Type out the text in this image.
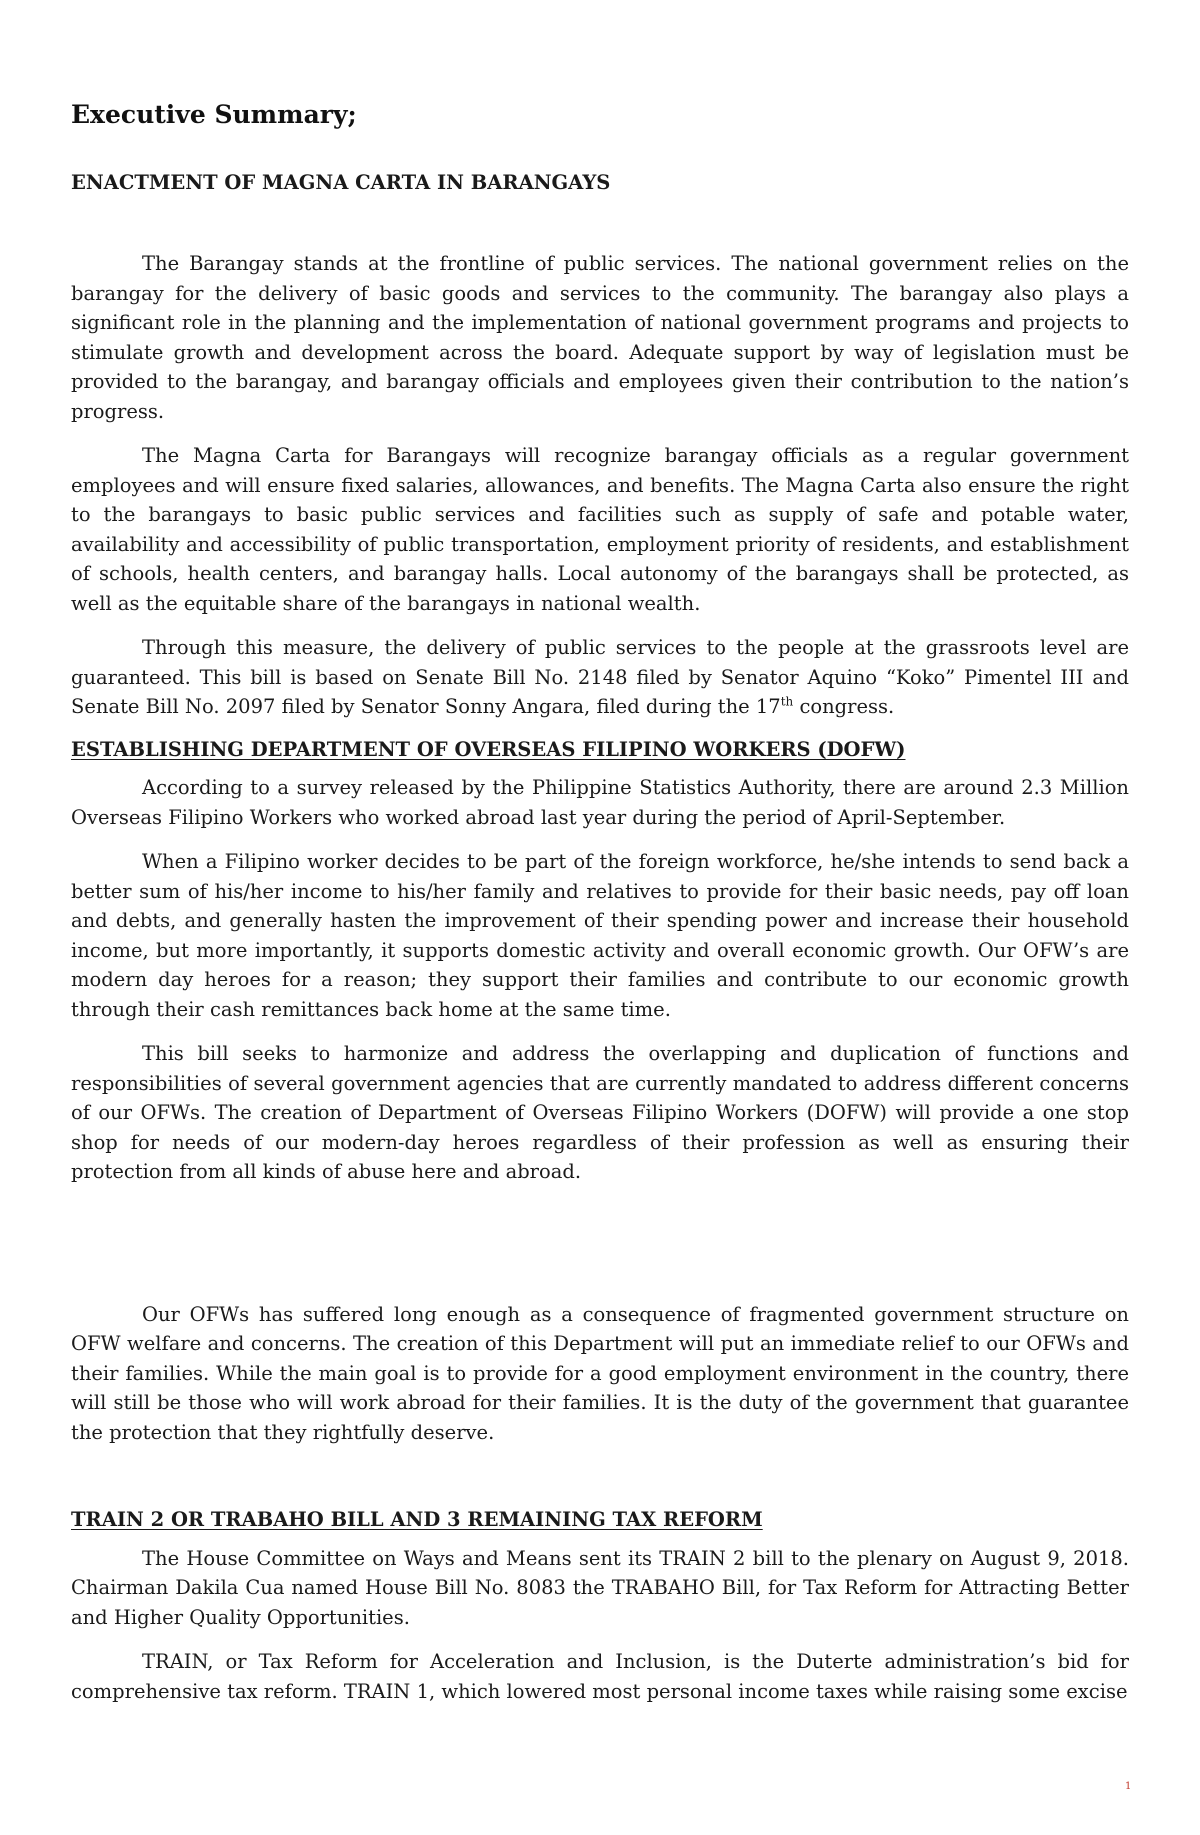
Executive Summary;
ENACTMENT OF MAGNA CARTA IN BARANGAYS

The Barangay stands at the frontline of public services. The national government relies on the barangay for the delivery of basic goods and services to the community. The barangay also plays a significant role in the planning and the implementation of national government programs and projects to stimulate growth and development across the board. Adequate support by way of legislation must be provided to the barangay, and barangay officials and employees given their contribution to the nation’s progress.

The Magna Carta for Barangays will recognize barangay officials as a regular government employees and will ensure fixed salaries, allowances, and benefits. The Magna Carta also ensure the right to the barangays to basic public services and facilities such as supply of safe and potable water, availability and accessibility of public transportation, employment priority of residents, and establishment of schools, health centers, and barangay halls. Local autonomy of the barangays shall be protected, as well as the equitable share of the barangays in national wealth.

Through this measure, the delivery of public services to the people at the grassroots level are guaranteed. This bill is based on Senate Bill No. 2148 filed by Senator Aquino “Koko” Pimentel III and Senate Bill No. 2097 filed by Senator Sonny Angara, filed during the 17th congress.

ESTABLISHING DEPARTMENT OF OVERSEAS FILIPINO WORKERS (DOFW)

According to a survey released by the Philippine Statistics Authority, there are around 2.3 Million Overseas Filipino Workers who worked abroad last year during the period of April-September.

When a Filipino worker decides to be part of the foreign workforce, he/she intends to send back a better sum of his/her income to his/her family and relatives to provide for their basic needs, pay off loan and debts, and generally hasten the improvement of their spending power and increase their household income, but more importantly, it supports domestic activity and overall economic growth. Our OFW’s are modern day heroes for a reason; they support their families and contribute to our economic growth through their cash remittances back home at the same time.

This bill seeks to harmonize and address the overlapping and duplication of functions and responsibilities of several government agencies that are currently mandated to address different concerns of our OFWs. The creation of Department of Overseas Filipino Workers (DOFW) will provide a one stop shop for needs of our modern-day heroes regardless of their profession as well as ensuring their protection from all kinds of abuse here and abroad.

Our OFWs has suffered long enough as a consequence of fragmented government structure on OFW welfare and concerns. The creation of this Department will put an immediate relief to our OFWs and their families. While the main goal is to provide for a good employment environment in the country, there will still be those who will work abroad for their families. It is the duty of the government that guarantee the protection that they rightfully deserve.

TRAIN 2 OR TRABAHO BILL AND 3 REMAINING TAX REFORM

The House Committee on Ways and Means sent its TRAIN 2 bill to the plenary on August 9, 2018. Chairman Dakila Cua named House Bill No. 8083 the TRABAHO Bill, for Tax Reform for Attracting Better and Higher Quality Opportunities.

TRAIN, or Tax Reform for Acceleration and Inclusion, is the Duterte administration’s bid for comprehensive tax reform. TRAIN 1, which lowered most personal income taxes while raising some excise

1
